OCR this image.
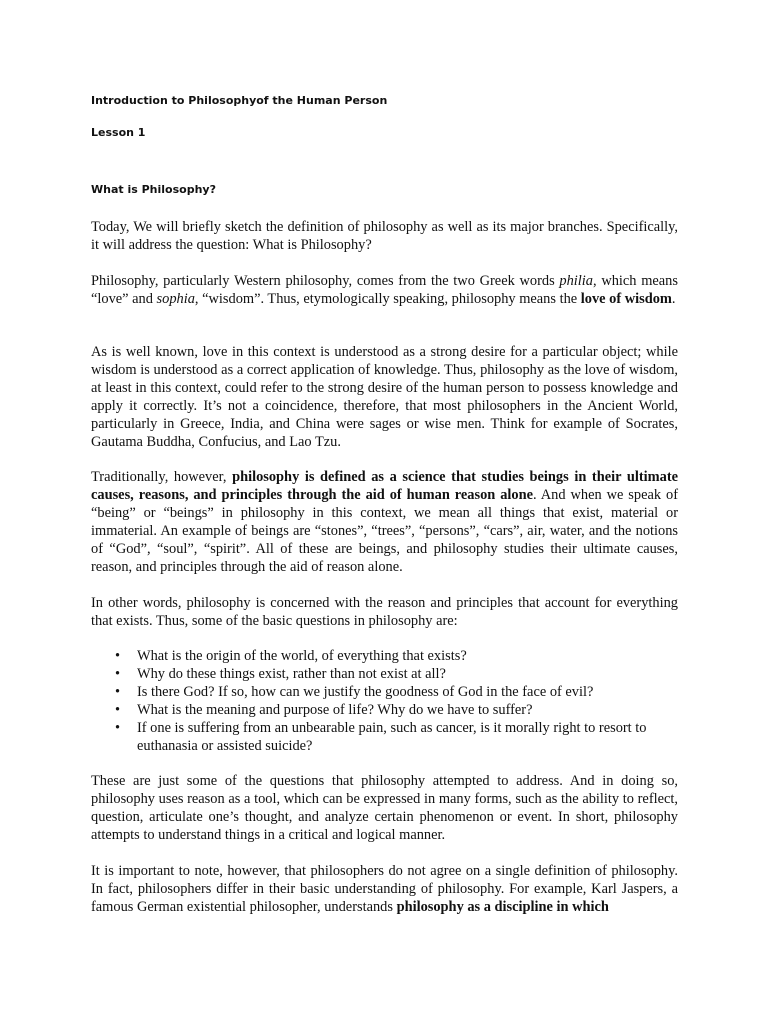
Introduction to Philosophyof the Human Person

Lesson 1

What is Philosophy?

Today, We will briefly sketch the definition of philosophy as well as its major branches. Specifically, it will address the question: What is Philosophy?

Philosophy, particularly Western philosophy, comes from the two Greek words philia, which means “love” and sophia, “wisdom”. Thus, etymologically speaking, philosophy means the love of wisdom.

As is well known, love in this context is understood as a strong desire for a particular object; while wisdom is understood as a correct application of knowledge. Thus, philosophy as the love of wisdom, at least in this context, could refer to the strong desire of the human person to possess knowledge and apply it correctly. It’s not a coincidence, therefore, that most philosophers in the Ancient World, particularly in Greece, India, and China were sages or wise men. Think for example of Socrates, Gautama Buddha, Confucius, and Lao Tzu.

Traditionally, however, philosophy is defined as a science that studies beings in their ultimate causes, reasons, and principles through the aid of human reason alone. And when we speak of “being” or “beings” in philosophy in this context, we mean all things that exist, material or immaterial. An example of beings are “stones”, “trees”, “persons”, “cars”, air, water, and the notions of “God”, “soul”, “spirit”. All of these are beings, and philosophy studies their ultimate causes, reason, and principles through the aid of reason alone.

In other words, philosophy is concerned with the reason and principles that account for everything that exists. Thus, some of the basic questions in philosophy are:

• What is the origin of the world, of everything that exists?
• Why do these things exist, rather than not exist at all?
• Is there God? If so, how can we justify the goodness of God in the face of evil?
• What is the meaning and purpose of life? Why do we have to suffer?
• If one is suffering from an unbearable pain, such as cancer, is it morally right to resort to euthanasia or assisted suicide?

These are just some of the questions that philosophy attempted to address. And in doing so, philosophy uses reason as a tool, which can be expressed in many forms, such as the ability to reflect, question, articulate one’s thought, and analyze certain phenomenon or event. In short, philosophy attempts to understand things in a critical and logical manner.

It is important to note, however, that philosophers do not agree on a single definition of philosophy. In fact, philosophers differ in their basic understanding of philosophy. For example, Karl Jaspers, a famous German existential philosopher, understands philosophy as a discipline in which
